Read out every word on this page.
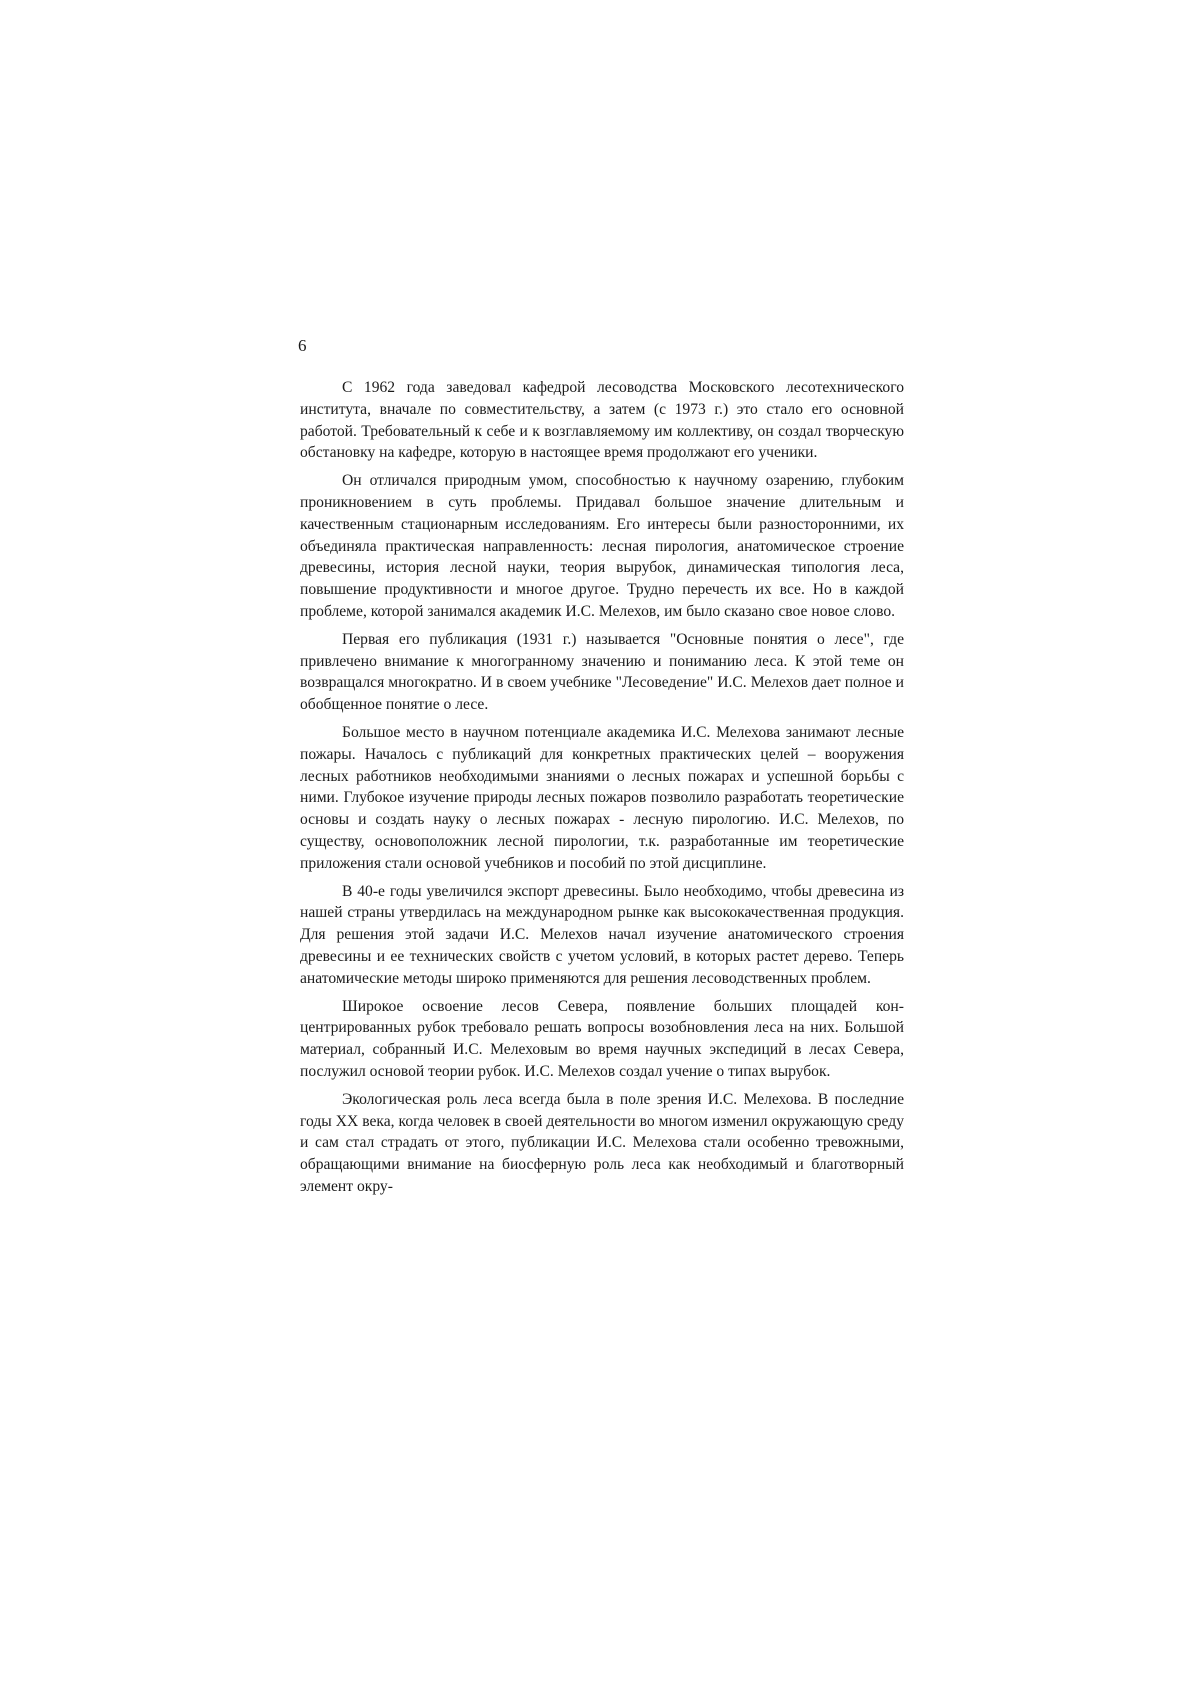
6

С 1962 года заведовал кафедрой лесоводства Московского лесотехнического института, вначале по совместительству, а затем (с 1973 г.) это стало его основной работой. Требовательный к себе и к возглавляемому им коллективу, он создал творческую обстановку на кафедре, которую в настоящее время продолжают его ученики.

Он отличался природным умом, способностью к научному озарению, глубоким проникновением в суть проблемы. Придавал большое значение длительным и качественным стационарным исследованиям. Его интересы были разносторонними, их объединяла практическая направленность: лесная пирология, анатомическое строение древесины, история лесной науки, теория вырубок, динамическая типология леса, повышение продуктивности и многое другое. Трудно перечесть их все. Но в каждой проблеме, которой занимался академик И.С. Мелехов, им было сказано свое новое слово.

Первая его публикация (1931 г.) называется "Основные понятия о лесе", где привлечено внимание к многогранному значению и пониманию леса. К этой теме он возвращался многократно. И в своем учебнике "Лесоведение" И.С. Мелехов дает полное и обобщенное понятие о лесе.

Большое место в научном потенциале академика И.С. Мелехова занимают лесные пожары. Началось с публикаций для конкретных практических целей – вооружения лесных работников необходимыми знаниями о лесных пожарах и успешной борьбы с ними. Глубокое изучение природы лесных пожаров позволило разработать теоретические основы и создать науку о лесных пожарах - лесную пирологию. И.С. Мелехов, по существу, основоположник лесной пирологии, т.к. разработанные им теоретические приложения стали основой учебников и пособий по этой дисциплине.

В 40-е годы увеличился экспорт древесины. Было необходимо, чтобы древесина из нашей страны утвердилась на международном рынке как высококачественная продукция. Для решения этой задачи И.С. Мелехов начал изучение анатомического строения древесины и ее технических свойств с учетом условий, в которых растет дерево. Теперь анатомические методы широко применяются для решения лесоводственных проблем.

Широкое освоение лесов Севера, появление больших площадей концентрированных рубок требовало решать вопросы возобновления леса на них. Большой материал, собранный И.С. Мелеховым во время научных экспедиций в лесах Севера, послужил основой теории рубок. И.С. Мелехов создал учение о типах вырубок.

Экологическая роль леса всегда была в поле зрения И.С. Мелехова. В последние годы XX века, когда человек в своей деятельности во многом изменил окружающую среду и сам стал страдать от этого, публикации И.С. Мелехова стали особенно тревожными, обращающими внимание на биосферную роль леса как необходимый и благотворный элемент окру-
